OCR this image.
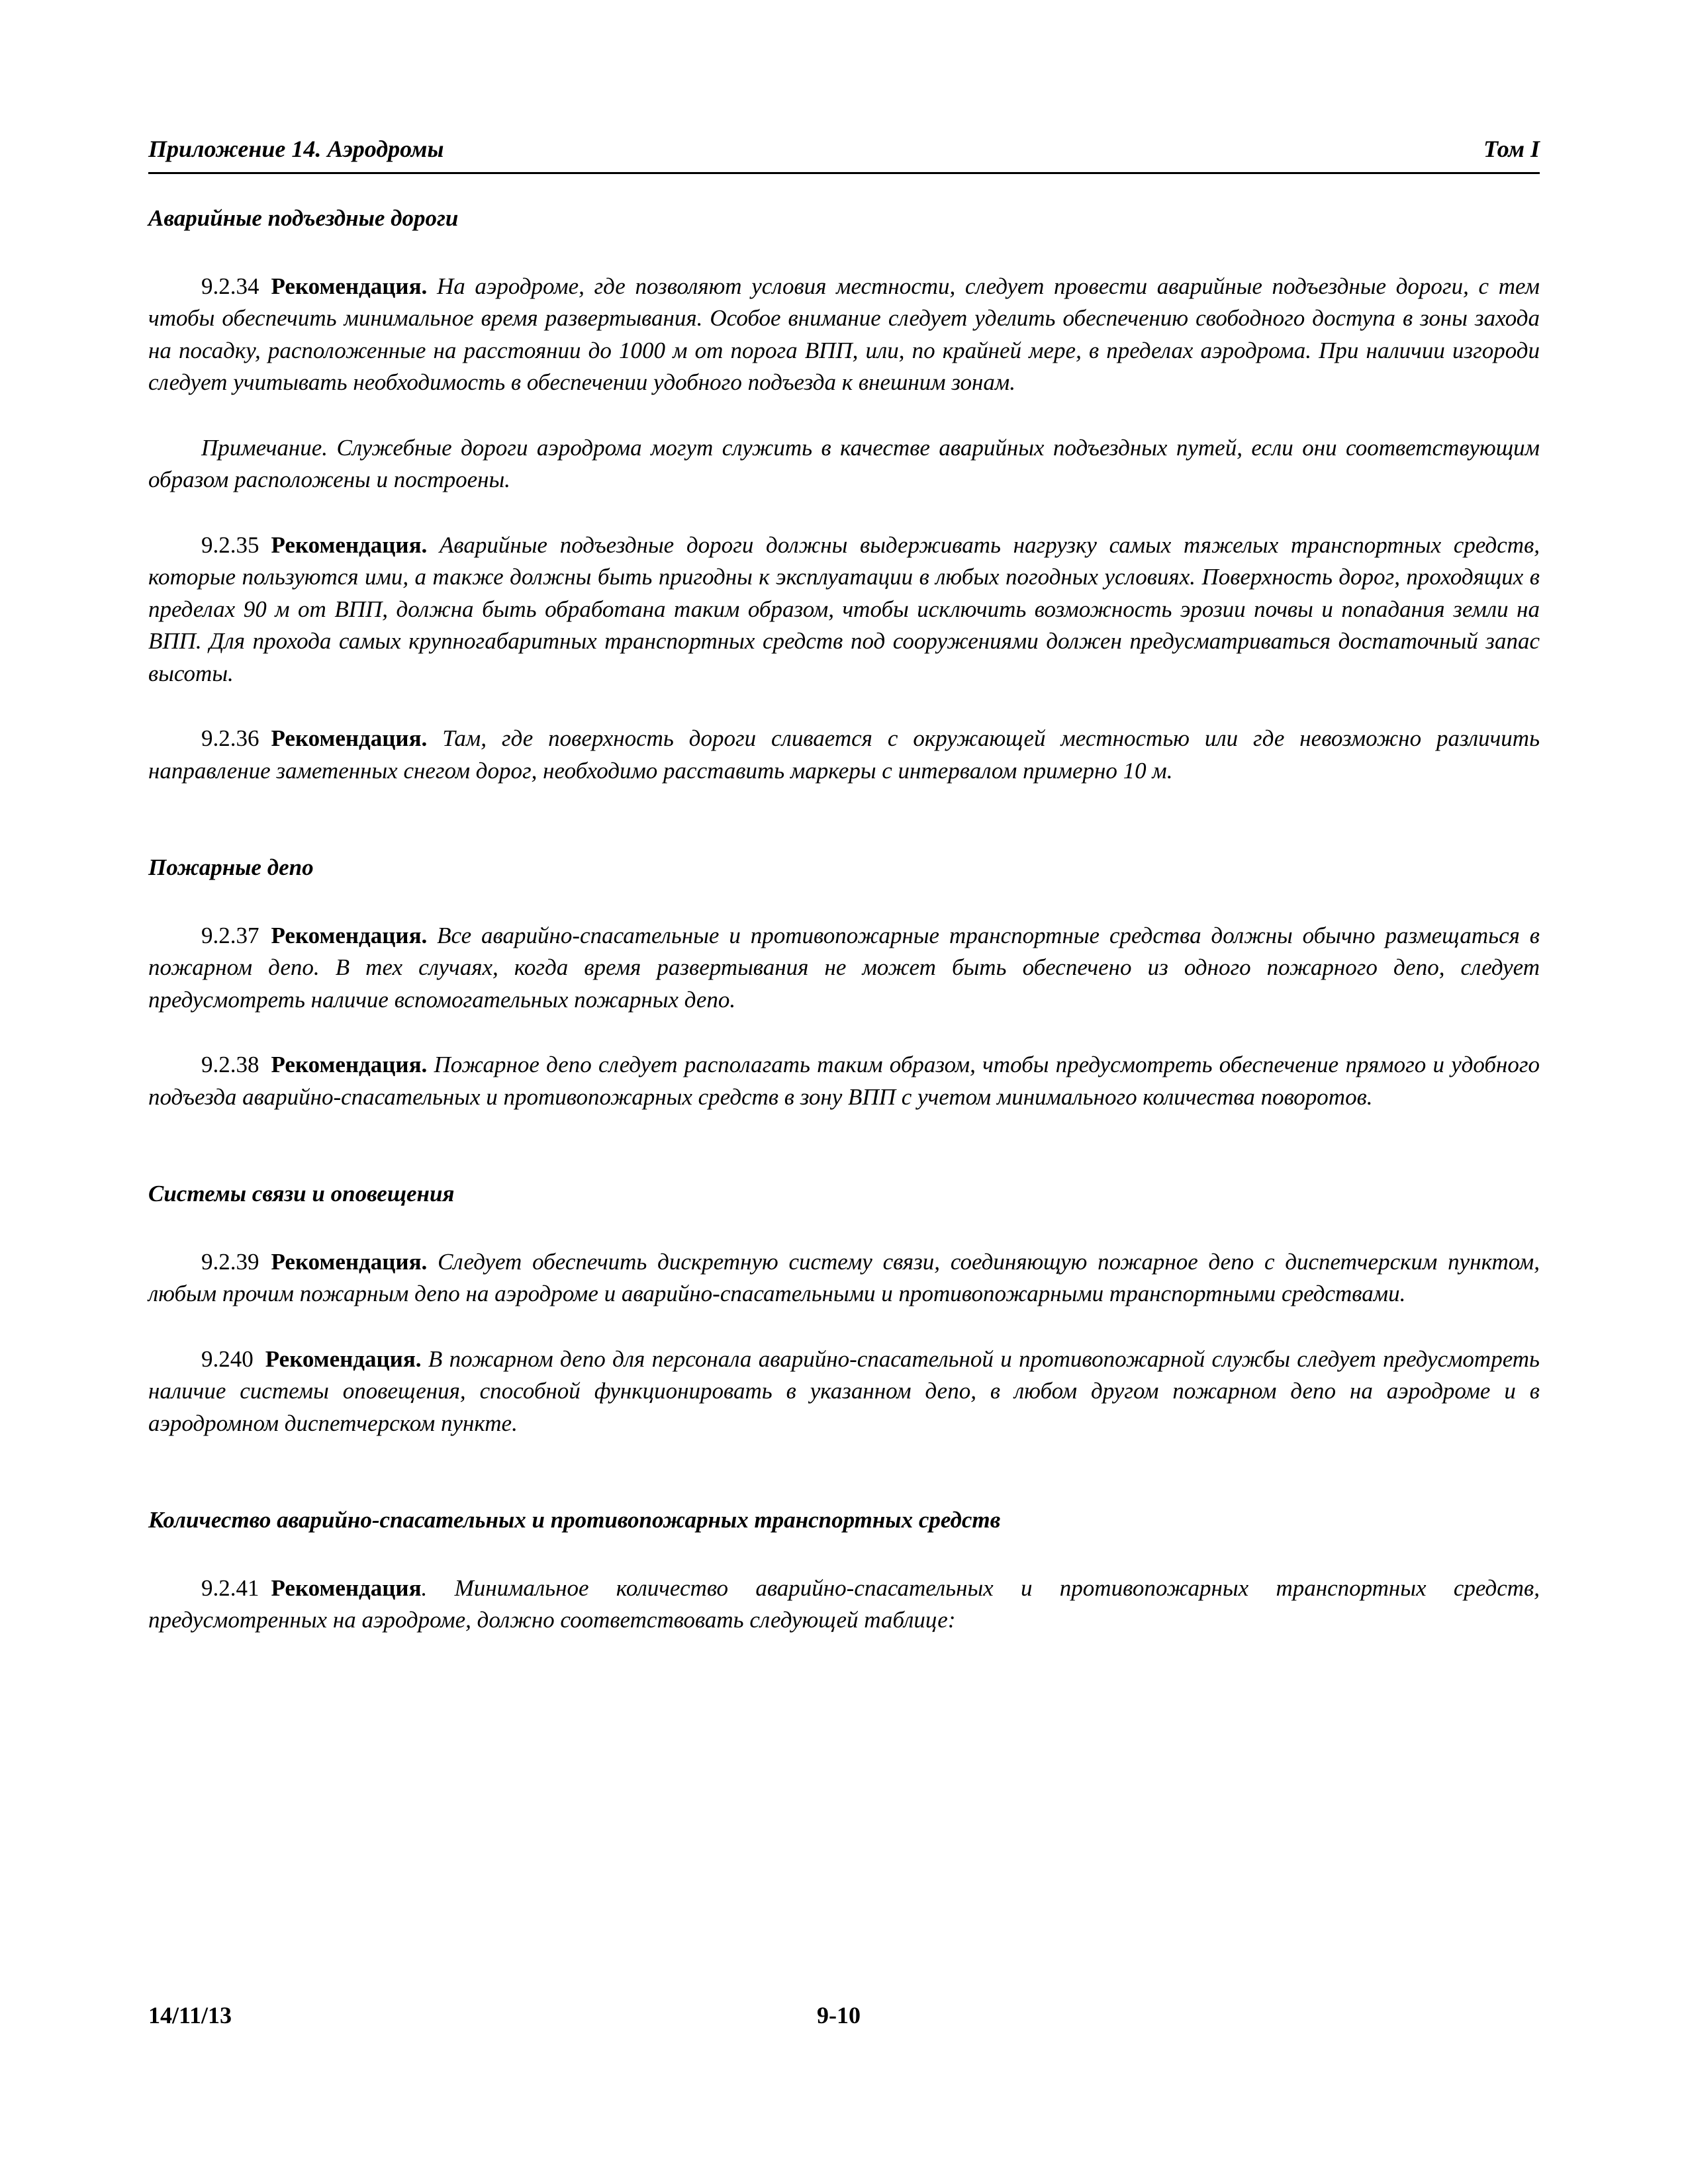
Приложение 14. Аэродромы	Том I

Аварийные подъездные дороги

9.2.34 Рекомендация. На аэродроме, где позволяют условия местности, следует провести аварийные подъездные дороги, с тем чтобы обеспечить минимальное время развертывания. Особое внимание следует уделить обеспечению свободного доступа в зоны захода на посадку, расположенные на расстоянии до 1000 м от порога ВПП, или, по крайней мере, в пределах аэродрома. При наличии изгороди следует учитывать необходимость в обеспечении удобного подъезда к внешним зонам.

Примечание. Служебные дороги аэродрома могут служить в качестве аварийных подъездных путей, если они соответствующим образом расположены и построены.

9.2.35 Рекомендация. Аварийные подъездные дороги должны выдерживать нагрузку самых тяжелых транспортных средств, которые пользуются ими, а также должны быть пригодны к эксплуатации в любых погодных условиях. Поверхность дорог, проходящих в пределах 90 м от ВПП, должна быть обработана таким образом, чтобы исключить возможность эрозии почвы и попадания земли на ВПП. Для прохода самых крупногабаритных транспортных средств под сооружениями должен предусматриваться достаточный запас высоты.

9.2.36 Рекомендация. Там, где поверхность дороги сливается с окружающей местностью или где невозможно различить направление заметенных снегом дорог, необходимо расставить маркеры с интервалом примерно 10 м.

Пожарные депо

9.2.37 Рекомендация. Все аварийно-спасательные и противопожарные транспортные средства должны обычно размещаться в пожарном депо. В тех случаях, когда время развертывания не может быть обеспечено из одного пожарного депо, следует предусмотреть наличие вспомогательных пожарных депо.

9.2.38 Рекомендация. Пожарное депо следует располагать таким образом, чтобы предусмотреть обеспечение прямого и удобного подъезда аварийно-спасательных и противопожарных средств в зону ВПП с учетом минимального количества поворотов.

Системы связи и оповещения

9.2.39 Рекомендация. Следует обеспечить дискретную систему связи, соединяющую пожарное депо с диспетчерским пунктом, любым прочим пожарным депо на аэродроме и аварийно-спасательными и противопожарными транспортными средствами.

9.240 Рекомендация. В пожарном депо для персонала аварийно-спасательной и противопожарной службы следует предусмотреть наличие системы оповещения, способной функционировать в указанном депо, в любом другом пожарном депо на аэродроме и в аэродромном диспетчерском пункте.

Количество аварийно-спасательных и противопожарных транспортных средств

9.2.41 Рекомендация. Минимальное количество аварийно-спасательных и противопожарных транспортных средств, предусмотренных на аэродроме, должно соответствовать следующей таблице:

14/11/13	9-10
